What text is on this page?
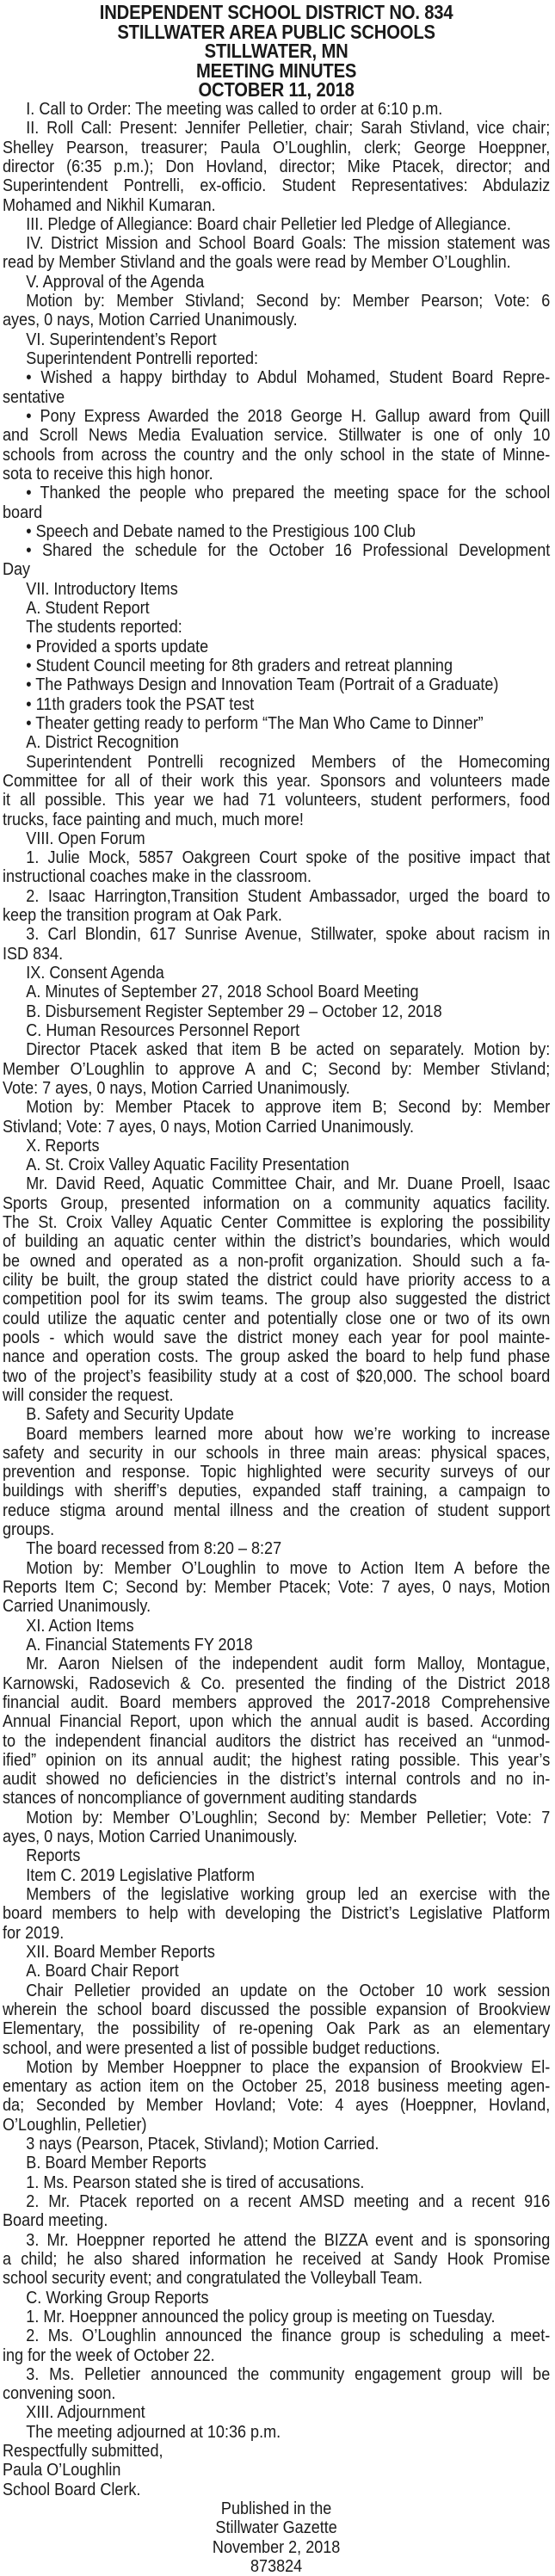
INDEPENDENT SCHOOL DISTRICT NO. 834
STILLWATER AREA PUBLIC SCHOOLS
STILLWATER, MN
MEETING MINUTES
OCTOBER 11, 2018
I. Call to Order: The meeting was called to order at 6:10 p.m.
II. Roll Call: Present: Jennifer Pelletier, chair; Sarah Stivland, vice chair;
Shelley Pearson, treasurer; Paula O’Loughlin, clerk; George Hoeppner,
director (6:35 p.m.); Don Hovland, director; Mike Ptacek, director; and
Superintendent Pontrelli, ex-officio. Student Representatives: Abdulaziz
Mohamed and Nikhil Kumaran.
III. Pledge of Allegiance: Board chair Pelletier led Pledge of Allegiance.
IV. District Mission and School Board Goals: The mission statement was
read by Member Stivland and the goals were read by Member O’Loughlin.
V. Approval of the Agenda
Motion by: Member Stivland; Second by: Member Pearson; Vote: 6
ayes, 0 nays, Motion Carried Unanimously.
VI. Superintendent’s Report
Superintendent Pontrelli reported:
• Wished a happy birthday to Abdul Mohamed, Student Board Repre-
sentative
• Pony Express Awarded the 2018 George H. Gallup award from Quill
and Scroll News Media Evaluation service. Stillwater is one of only 10
schools from across the country and the only school in the state of Minne-
sota to receive this high honor.
• Thanked the people who prepared the meeting space for the school
board
• Speech and Debate named to the Prestigious 100 Club
• Shared the schedule for the October 16 Professional Development
Day
VII. Introductory Items
A. Student Report
The students reported:
• Provided a sports update
• Student Council meeting for 8th graders and retreat planning
• The Pathways Design and Innovation Team (Portrait of a Graduate)
• 11th graders took the PSAT test
• Theater getting ready to perform “The Man Who Came to Dinner”
A. District Recognition
Superintendent Pontrelli recognized Members of the Homecoming
Committee for all of their work this year. Sponsors and volunteers made
it all possible. This year we had 71 volunteers, student performers, food
trucks, face painting and much, much more!
VIII. Open Forum
1. Julie Mock, 5857 Oakgreen Court spoke of the positive impact that
instructional coaches make in the classroom.
2. Isaac Harrington,Transition Student Ambassador, urged the board to
keep the transition program at Oak Park.
3. Carl Blondin, 617 Sunrise Avenue, Stillwater, spoke about racism in
ISD 834.
IX. Consent Agenda
A. Minutes of September 27, 2018 School Board Meeting
B. Disbursement Register September 29 – October 12, 2018
C. Human Resources Personnel Report
Director Ptacek asked that item B be acted on separately. Motion by:
Member O’Loughlin to approve A and C; Second by: Member Stivland;
Vote: 7 ayes, 0 nays, Motion Carried Unanimously.
Motion by: Member Ptacek to approve item B; Second by: Member
Stivland; Vote: 7 ayes, 0 nays, Motion Carried Unanimously.
X. Reports
A. St. Croix Valley Aquatic Facility Presentation
Mr. David Reed, Aquatic Committee Chair, and Mr. Duane Proell, Isaac
Sports Group, presented information on a community aquatics facility.
The St. Croix Valley Aquatic Center Committee is exploring the possibility
of building an aquatic center within the district’s boundaries, which would
be owned and operated as a non-profit organization. Should such a fa-
cility be built, the group stated the district could have priority access to a
competition pool for its swim teams. The group also suggested the district
could utilize the aquatic center and potentially close one or two of its own
pools - which would save the district money each year for pool mainte-
nance and operation costs. The group asked the board to help fund phase
two of the project’s feasibility study at a cost of $20,000. The school board
will consider the request.
B. Safety and Security Update
Board members learned more about how we’re working to increase
safety and security in our schools in three main areas: physical spaces,
prevention and response. Topic highlighted were security surveys of our
buildings with sheriff’s deputies, expanded staff training, a campaign to
reduce stigma around mental illness and the creation of student support
groups.
The board recessed from 8:20 – 8:27
Motion by: Member O’Loughlin to move to Action Item A before the
Reports Item C; Second by: Member Ptacek; Vote: 7 ayes, 0 nays, Motion
Carried Unanimously.
XI. Action Items
A. Financial Statements FY 2018
Mr. Aaron Nielsen of the independent audit form Malloy, Montague,
Karnowski, Radosevich & Co. presented the finding of the District 2018
financial audit. Board members approved the 2017-2018 Comprehensive
Annual Financial Report, upon which the annual audit is based. According
to the independent financial auditors the district has received an “unmod-
ified” opinion on its annual audit; the highest rating possible. This year’s
audit showed no deficiencies in the district’s internal controls and no in-
stances of noncompliance of government auditing standards
Motion by: Member O’Loughlin; Second by: Member Pelletier; Vote: 7
ayes, 0 nays, Motion Carried Unanimously.
Reports
Item C. 2019 Legislative Platform
Members of the legislative working group led an exercise with the
board members to help with developing the District’s Legislative Platform
for 2019.
XII. Board Member Reports
A. Board Chair Report
Chair Pelletier provided an update on the October 10 work session
wherein the school board discussed the possible expansion of Brookview
Elementary, the possibility of re-opening Oak Park as an elementary
school, and were presented a list of possible budget reductions.
Motion by Member Hoeppner to place the expansion of Brookview El-
ementary as action item on the October 25, 2018 business meeting agen-
da; Seconded by Member Hovland; Vote: 4 ayes (Hoeppner, Hovland,
O’Loughlin, Pelletier)
3 nays (Pearson, Ptacek, Stivland); Motion Carried.
B. Board Member Reports
1. Ms. Pearson stated she is tired of accusations.
2. Mr. Ptacek reported on a recent AMSD meeting and a recent 916
Board meeting.
3. Mr. Hoeppner reported he attend the BIZZA event and is sponsoring
a child; he also shared information he received at Sandy Hook Promise
school security event; and congratulated the Volleyball Team.
C. Working Group Reports
1. Mr. Hoeppner announced the policy group is meeting on Tuesday.
2. Ms. O’Loughlin announced the finance group is scheduling a meet-
ing for the week of October 22.
3. Ms. Pelletier announced the community engagement group will be
convening soon.
XIII. Adjournment
The meeting adjourned at 10:36 p.m.
Respectfully submitted,
Paula O’Loughlin
School Board Clerk.
Published in the
Stillwater Gazette
November 2, 2018
873824
